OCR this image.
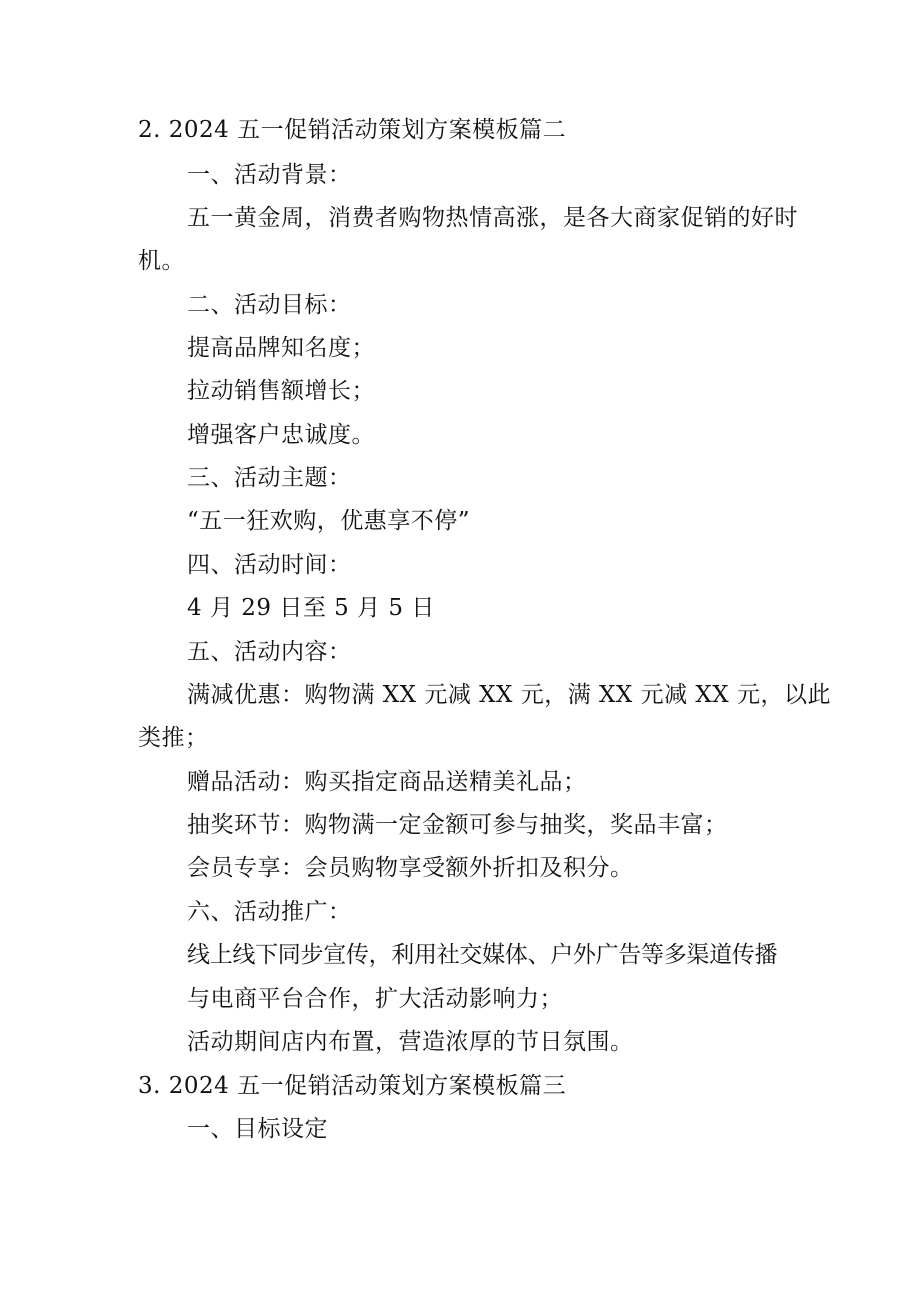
2. 2024 五一促销活动策划方案模板篇二
一、活动背景：
五一黄金周，消费者购物热情高涨，是各大商家促销的好时
机。
二、活动目标：
提高品牌知名度；
拉动销售额增长；
增强客户忠诚度。
三、活动主题：
“五一狂欢购，优惠享不停”
四、活动时间：
4 月 29 日至 5 月 5 日
五、活动内容：
满减优惠：购物满 XX 元减 XX 元，满 XX 元减 XX 元，以此
类推；
赠品活动：购买指定商品送精美礼品；
抽奖环节：购物满一定金额可参与抽奖，奖品丰富；
会员专享：会员购物享受额外折扣及积分。
六、活动推广：
线上线下同步宣传，利用社交媒体、户外广告等多渠道传播
与电商平台合作，扩大活动影响力；
活动期间店内布置，营造浓厚的节日氛围。
3. 2024 五一促销活动策划方案模板篇三
一、目标设定
